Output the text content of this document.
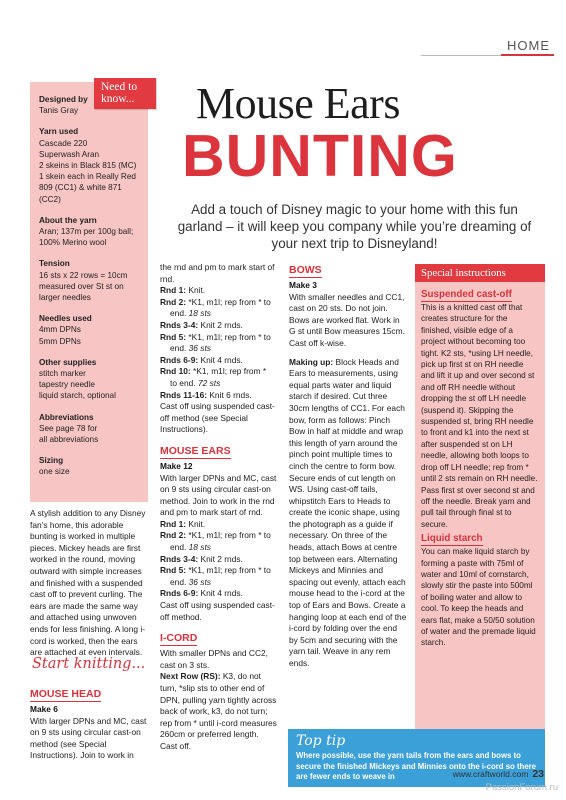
HOME
Designed by
Tanis Gray
Yarn used
Cascade 220
Superwash Aran
2 skeins in Black 815 (MC)
1 skein each in Really Red
809 (CC1) & white 871 (CC2)
About the yarn
Aran; 137m per 100g ball;
100% Merino wool
Tension
16 sts x 22 rows = 10cm
measured over St st on
larger needles
Needles used
4mm DPNs
5mm DPNs
Other supplies
stitch marker
tapestry needle
liquid starch, optional
Abbreviations
See page 78 for
all abbreviations
Sizing
one size
Need to know...	Mouse Ears
BUNTING
Add a touch of Disney magic to your home with this fun garland – it will keep you company while you’re dreaming of your next trip to Disneyland!

A stylish addition to any Disney fan’s home, this adorable bunting is worked in multiple pieces. Mickey heads are first worked in the round, moving outward with simple increases and finished with a suspended cast off to prevent curling. The ears are made the same way and attached using unwoven ends for less finishing. A long i-cord is worked, then the ears are attached at even intervals.

Start knitting...
MOUSE HEAD

Make 6

With larger DPNs and MC, cast on 9 sts using circular cast-on method (see Special Instructions). Join to work in

the rnd and pm to mark start of rnd.

Rnd 1: Knit.

Rnd 2: *K1, m1l; rep from * to

end. 18 sts

Rnds 3-4: Knit 2 rnds.

Rnd 5: *K1, m1l; rep from * to

end. 36 sts

Rnds 6-9: Knit 4 rnds.

Rnd 10: *K1, m1l; rep from *

to end. 72 sts

Rnds 11-16: Knit 6 rnds.

Cast off using suspended cast-off method (see Special Instructions).

MOUSE EARS

Make 12

With larger DPNs and MC, cast on 9 sts using circular cast-on method. Join to work in the rnd and pm to mark start of rnd.

Rnd 1: Knit.

Rnd 2: *K1, m1l; rep from * to

end. 18 sts

Rnds 3-4: Knit 2 rnds.

Rnd 5: *K1, m1l; rep from * to

end. 36 sts

Rnds 6-9: Knit 4 rnds.

Cast off using suspended cast-off method.

I-CORD

With smaller DPNs and CC2, cast on 3 sts.

Next Row (RS): K3, do not turn, *slip sts to other end of DPN, pulling yarn tightly across back of work, k3, do not turn; rep from * until i-cord measures 260cm or preferred length.

Cast off.

BOWS

Make 3

With smaller needles and CC1, cast on 20 sts. Do not join. Bows are worked flat. Work in G st until Bow measures 15cm. Cast off k-wise.

Making up: Block Heads and Ears to measurements, using equal parts water and liquid starch if desired. Cut three 30cm lengths of CC1. For each bow, form as follows: Pinch Bow in half at middle and wrap this length of yarn around the pinch point multiple times to cinch the centre to form bow. Secure ends of cut length on WS. Using cast-off tails, whipstitch Ears to Heads to create the iconic shape, using the photograph as a guide if necessary. On three of the heads, attach Bows at centre top between ears. Alternating Mickeys and Minnies and spacing out evenly, attach each mouse head to the i-cord at the top of Ears and Bows. Create a hanging loop at each end of the i-cord by folding over the end by 5cm and securing with the yarn tail. Weave in any rem ends.

Special instructions
Suspended cast-off

This is a knitted cast off that creates structure for the finished, visible edge of a project without becoming too tight. K2 sts, *using LH needle, pick up first st on RH needle and lift it up and over second st and off RH needle without dropping the st off LH needle (suspend it). Skipping the suspended st, bring RH needle to front and k1 into the next st after suspended st on LH needle, allowing both loops to drop off LH needle; rep from * until 2 sts remain on RH needle. Pass first st over second st and off the needle. Break yarn and pull tail through final st to secure.

Liquid starch

You can make liquid starch by forming a paste with 75ml of water and 10ml of cornstarch, slowly stir the paste into 500ml of boiling water and allow to cool. To keep the heads and ears flat, make a 50/50 solution of water and the premade liquid starch.

Top tip
Where possible, use the yarn tails from the ears and bows to secure the finished Mickeys and Minnies onto the i-cord so there are fewer ends to weave in	www.craftworld.com 23
PassionForum.ru
